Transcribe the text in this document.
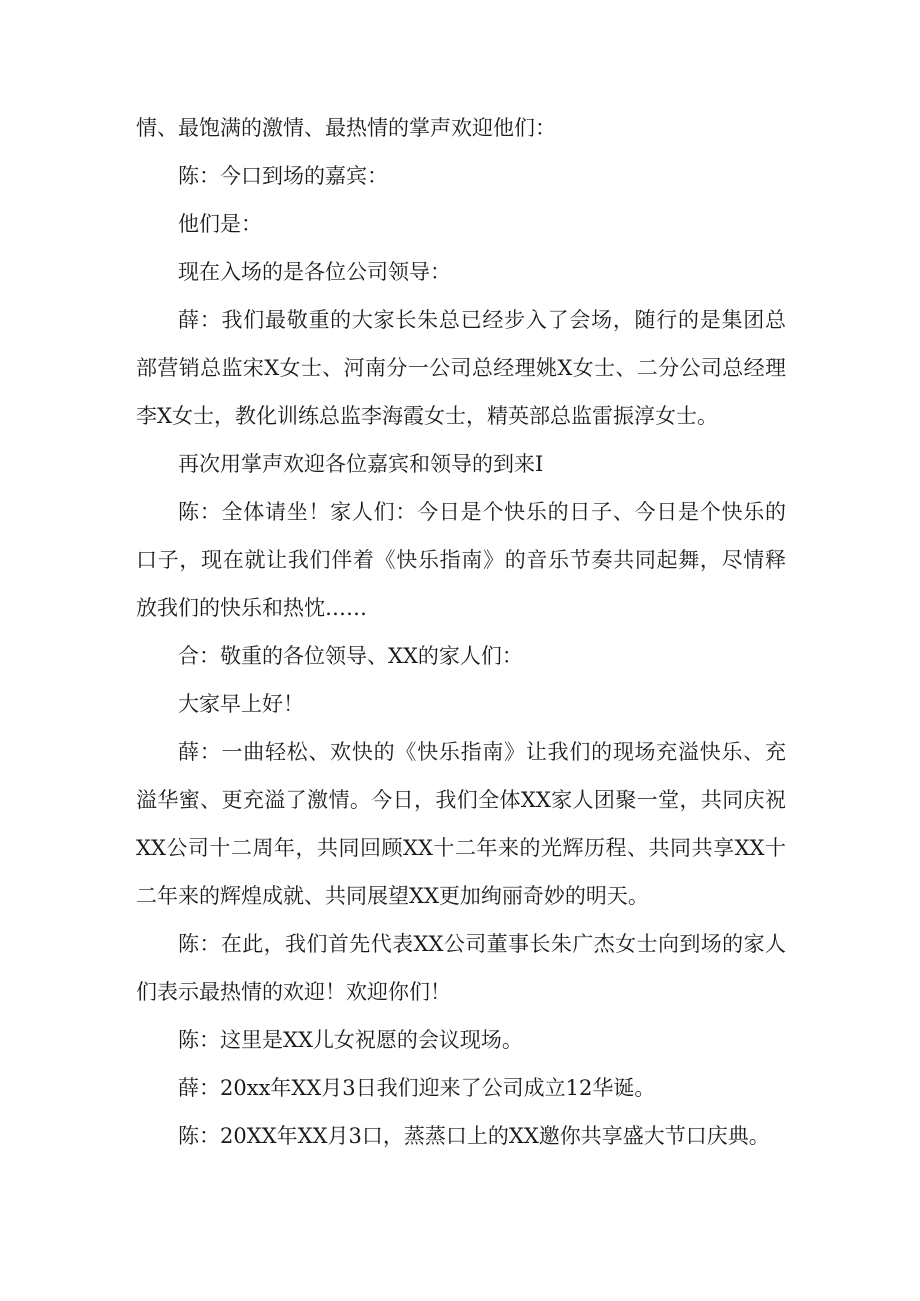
情、最饱满的激情、最热情的掌声欢迎他们：

陈：今口到场的嘉宾：

他们是：

现在入场的是各位公司领导：

薛：我们最敬重的大家长朱总已经步入了会场，随行的是集团总部营销总监宋X女士、河南分一公司总经理姚X女士、二分公司总经理李X女士，教化训练总监李海霞女士，精英部总监雷振淳女士。

再次用掌声欢迎各位嘉宾和领导的到来I

陈：全体请坐！家人们：今日是个快乐的日子、今日是个快乐的口子，现在就让我们伴着《快乐指南》的音乐节奏共同起舞，尽情释放我们的快乐和热忱……

合：敬重的各位领导、XX的家人们：

大家早上好！

薛：一曲轻松、欢快的《快乐指南》让我们的现场充溢快乐、充溢华蜜、更充溢了激情。今日，我们全体XX家人团聚一堂，共同庆祝XX公司十二周年，共同回顾XX十二年来的光辉历程、共同共享XX十二年来的辉煌成就、共同展望XX更加绚丽奇妙的明天。

陈：在此，我们首先代表XX公司董事长朱广杰女士向到场的家人们表示最热情的欢迎！欢迎你们！

陈：这里是XX儿女祝愿的会议现场。

薛：20xx年XX月3日我们迎来了公司成立12华诞。

陈：20XX年XX月3口，蒸蒸口上的XX邀你共享盛大节口庆典。
